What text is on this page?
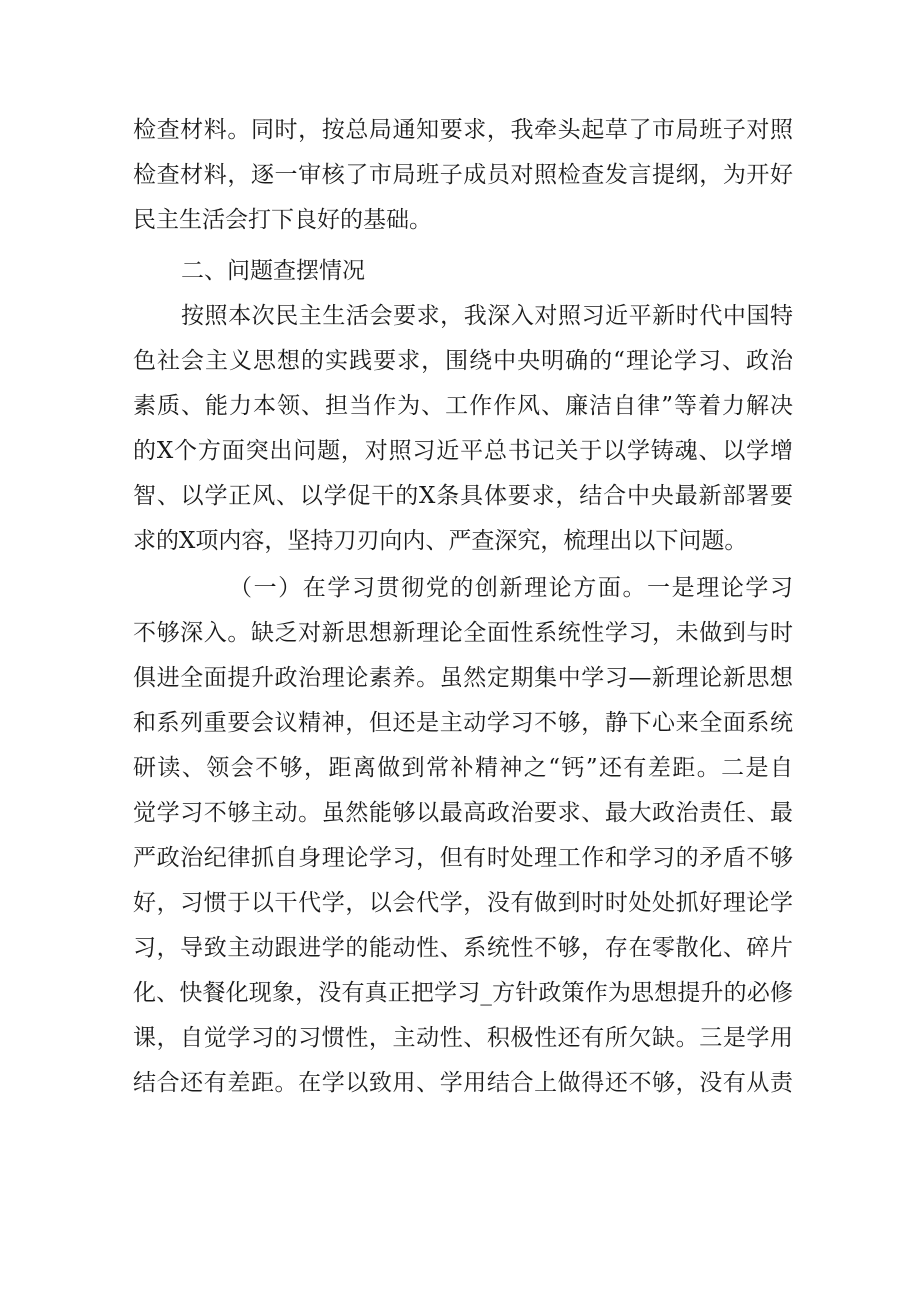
检查材料。同时，按总局通知要求，我牵头起草了市局班子对照
检查材料，逐一审核了市局班子成员对照检查发言提纲，为开好
民主生活会打下良好的基础。
二、问题查摆情况
按照本次民主生活会要求，我深入对照习近平新时代中国特
色社会主义思想的实践要求，围绕中央明确的“理论学习、政治
素质、能力本领、担当作为、工作作风、廉洁自律”等着力解决
的X个方面突出问题，对照习近平总书记关于以学铸魂、以学增
智、以学正风、以学促干的X条具体要求，结合中央最新部署要
求的X项内容，坚持刀刃向内、严查深究，梳理出以下问题。
（一）在学习贯彻党的创新理论方面。一是理论学习
不够深入。缺乏对新思想新理论全面性系统性学习，未做到与时
俱进全面提升政治理论素养。虽然定期集中学习—新理论新思想
和系列重要会议精神，但还是主动学习不够，静下心来全面系统
研读、领会不够，距离做到常补精神之“钙”还有差距。二是自
觉学习不够主动。虽然能够以最高政治要求、最大政治责任、最
严政治纪律抓自身理论学习，但有时处理工作和学习的矛盾不够
好，习惯于以干代学，以会代学，没有做到时时处处抓好理论学
习，导致主动跟进学的能动性、系统性不够，存在零散化、碎片
化、快餐化现象，没有真正把学习_方针政策作为思想提升的必修
课，自觉学习的习惯性，主动性、积极性还有所欠缺。三是学用
结合还有差距。在学以致用、学用结合上做得还不够，没有从责
